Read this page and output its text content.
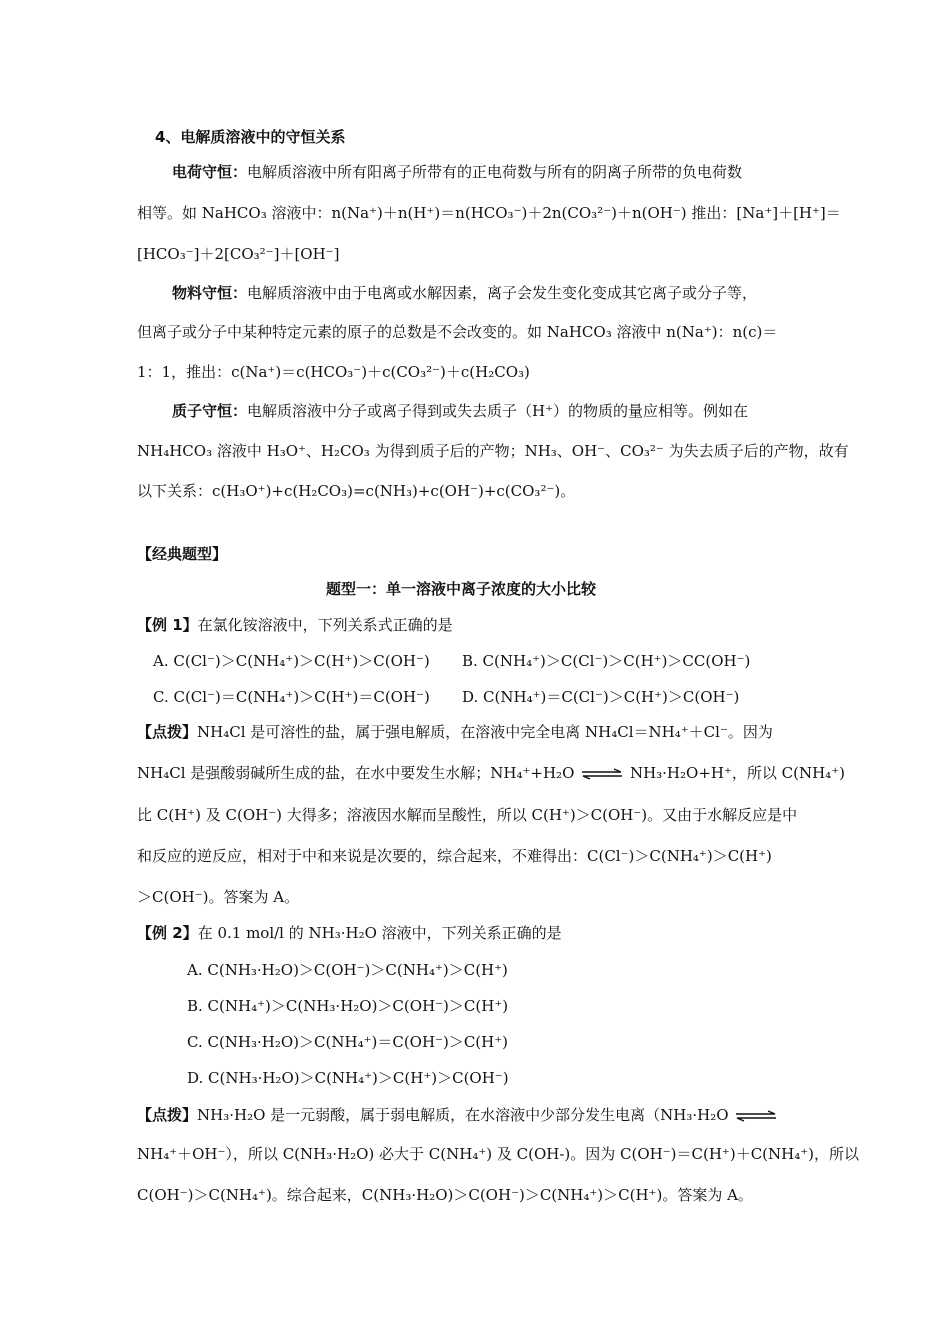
4、电解质溶液中的守恒关系
电荷守恒：电解质溶液中所有阳离子所带有的正电荷数与所有的阴离子所带的负电荷数
相等。如 NaHCO₃ 溶液中：n(Na⁺)＋n(H⁺)＝n(HCO₃⁻)＋2n(CO₃²⁻)＋n(OH⁻) 推出：[Na⁺]＋[H⁺]＝
[HCO₃⁻]＋2[CO₃²⁻]＋[OH⁻]
物料守恒：电解质溶液中由于电离或水解因素，离子会发生变化变成其它离子或分子等，
但离子或分子中某种特定元素的原子的总数是不会改变的。如 NaHCO₃ 溶液中 n(Na⁺)：n(c)＝
1：1，推出：c(Na⁺)＝c(HCO₃⁻)＋c(CO₃²⁻)＋c(H₂CO₃)
质子守恒：电解质溶液中分子或离子得到或失去质子（H⁺）的物质的量应相等。例如在
NH₄HCO₃ 溶液中 H₃O⁺、H₂CO₃ 为得到质子后的产物；NH₃、OH⁻、CO₃²⁻ 为失去质子后的产物，故有
以下关系：c(H₃O⁺)+c(H₂CO₃)=c(NH₃)+c(OH⁻)+c(CO₃²⁻)。
【经典题型】
题型一：单一溶液中离子浓度的大小比较
【例 1】在氯化铵溶液中，下列关系式正确的是
A. C(Cl⁻)＞C(NH₄⁺)＞C(H⁺)＞C(OH⁻) B. C(NH₄⁺)＞C(Cl⁻)＞C(H⁺)＞CC(OH⁻)
C. C(Cl⁻)＝C(NH₄⁺)＞C(H⁺)＝C(OH⁻) D. C(NH₄⁺)＝C(Cl⁻)＞C(H⁺)＞C(OH⁻)
【点拨】NH₄Cl 是可溶性的盐，属于强电解质，在溶液中完全电离 NH₄Cl＝NH₄⁺＋Cl⁻。因为
NH₄Cl 是强酸弱碱所生成的盐，在水中要发生水解；NH₄⁺+H₂O ⇌ NH₃·H₂O+H⁺，所以 C(NH₄⁺)
比 C(H⁺) 及 C(OH⁻) 大得多；溶液因水解而呈酸性，所以 C(H⁺)＞C(OH⁻)。又由于水解反应是中
和反应的逆反应，相对于中和来说是次要的，综合起来，不难得出：C(Cl⁻)＞C(NH₄⁺)＞C(H⁺)
＞C(OH⁻)。答案为 A。
【例 2】在 0.1 mol/l 的 NH₃·H₂O 溶液中，下列关系正确的是
A. C(NH₃·H₂O)＞C(OH⁻)＞C(NH₄⁺)＞C(H⁺)
B. C(NH₄⁺)＞C(NH₃·H₂O)＞C(OH⁻)＞C(H⁺)
C. C(NH₃·H₂O)＞C(NH₄⁺)＝C(OH⁻)＞C(H⁺)
D. C(NH₃·H₂O)＞C(NH₄⁺)＞C(H⁺)＞C(OH⁻)
【点拨】NH₃·H₂O 是一元弱酸，属于弱电解质，在水溶液中少部分发生电离（NH₃·H₂O ⇌
NH₄⁺＋OH⁻），所以 C(NH₃·H₂O) 必大于 C(NH₄⁺) 及 C(OH-)。因为 C(OH⁻)＝C(H⁺)＋C(NH₄⁺)，所以
C(OH⁻)＞C(NH₄⁺)。综合起来，C(NH₃·H₂O)＞C(OH⁻)＞C(NH₄⁺)＞C(H⁺)。答案为 A。
